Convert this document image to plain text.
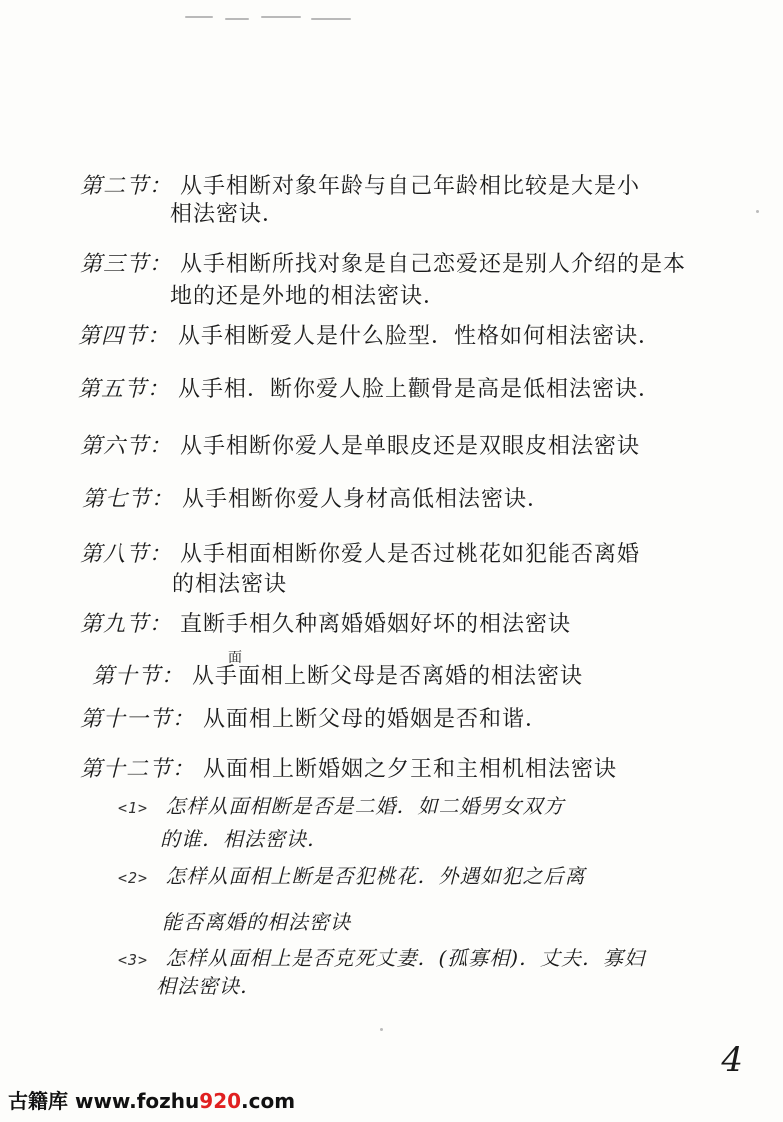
第二节： 从手相断对象年龄与自己年龄相比较是大是小
相法密诀．
第三节： 从手相断所找对象是自己恋爱还是别人介绍的是本
地的还是外地的相法密诀．
第四节： 从手相断爱人是什么脸型．性格如何相法密诀．
第五节： 从手相．断你爱人脸上颧骨是高是低相法密诀．
第六节： 从手相断你爱人是单眼皮还是双眼皮相法密诀
第七节： 从手相断你爱人身材高低相法密诀．
第八节： 从手相面相断你爱人是否过桃花如犯能否离婚
的相法密诀
第九节： 直断手相久种离婚婚姻好坏的相法密诀
面
第十节： 从手面相上断父母是否离婚的相法密诀
第十一节： 从面相上断父母的婚姻是否和谐．
第十二节： 从面相上断婚姻之夕王和主相机相法密诀
<1> 怎样从面相断是否是二婚．如二婚男女双方
的谁．相法密诀．
<2> 怎样从面相上断是否犯桃花．外遇如犯之后离
能否离婚的相法密诀
<3> 怎样从面相上是否克死丈妻．(孤寡相)．丈夫．寡妇
相法密诀．
4
古籍库 www.fozhu920.com
